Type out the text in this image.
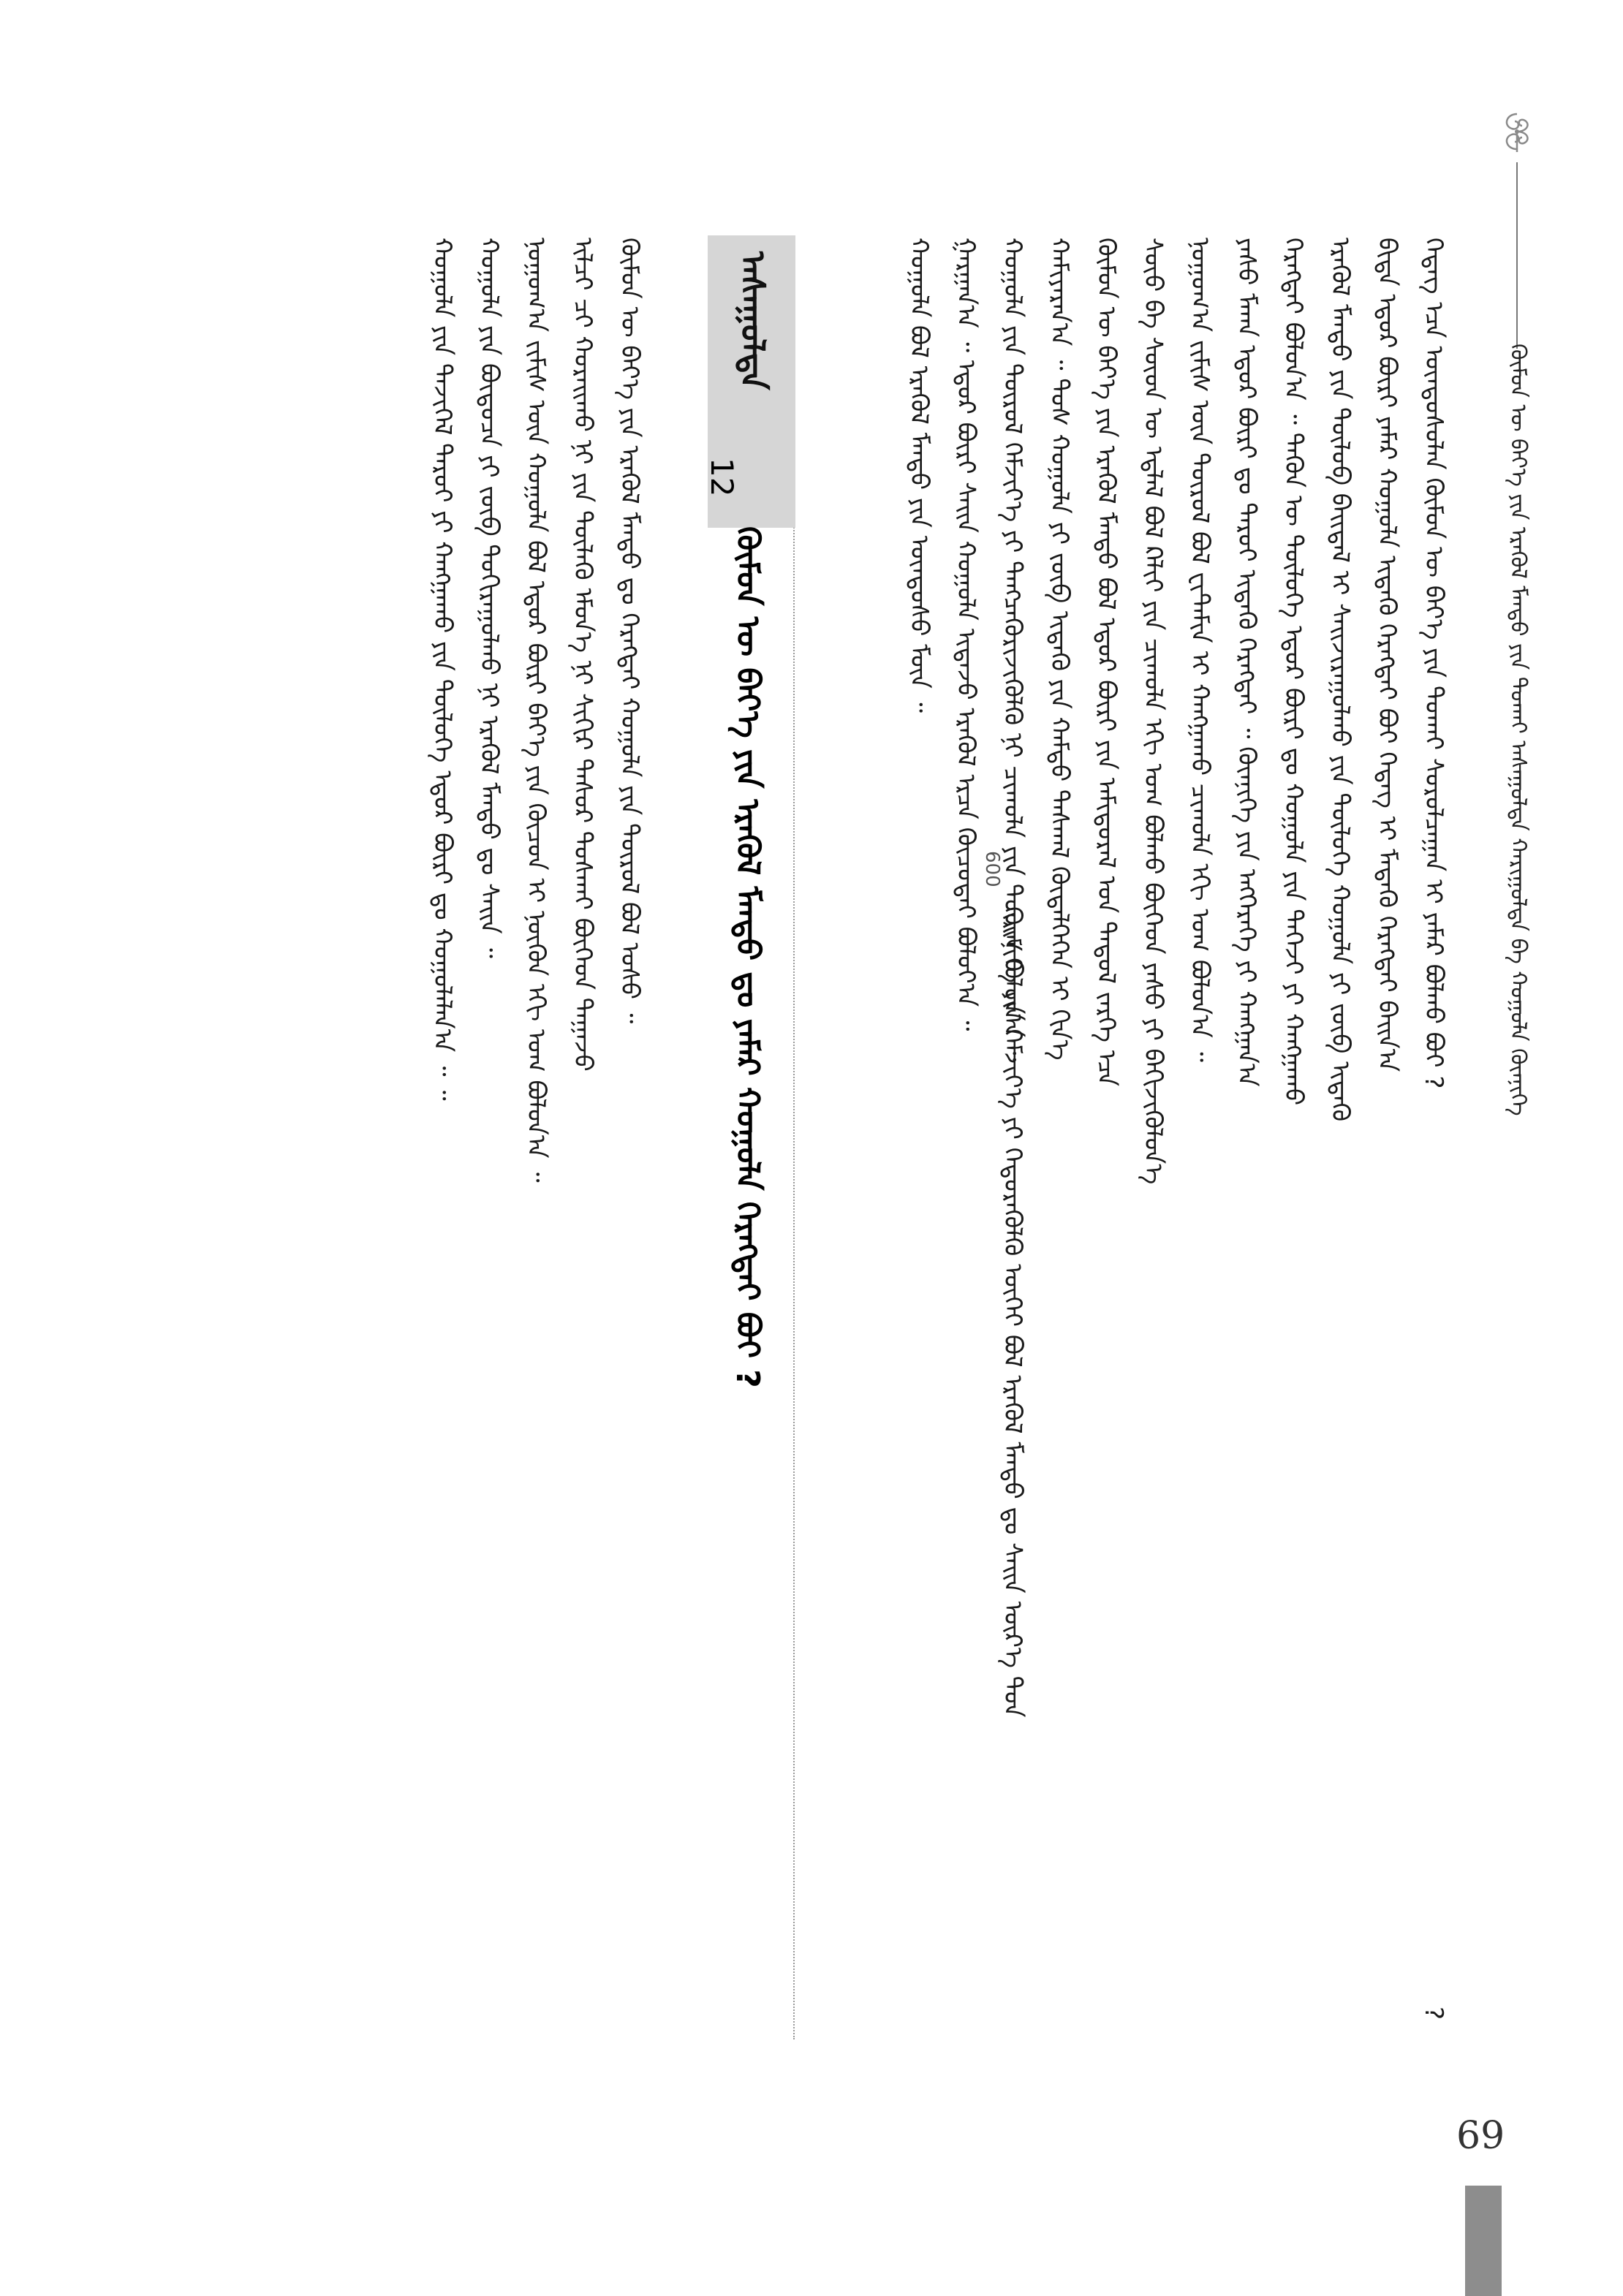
ᠬᠦᠮᠦᠨ ᠦ ᠪᠡᠶ᠎ᠡ ᠶᠢᠨ ᠡᠷᠡᠭᠦᠯ ᠮᠡᠨᠳᠦ ᠶᠢᠨ ᠲᠤᠬᠠᠢ ᠠᠰᠠᠭᠤᠯᠲᠠ ᠬᠠᠷᠢᠭᠤᠯᠲᠠ ᠪᠠ ᠬᠣᠭᠤᠯᠠ ᠬᠦᠨᠨᠢᠭᠡ
?
ᠭᠡᠳᠡᠭ ᠡᠴᠡ ᠦᠨᠳᠦᠰᠦᠯᠡᠨ ᠬᠦᠮᠦᠨ ᠦ ᠪᠡᠶ᠎ᠡ ᠶᠢᠨ ᠲᠤᠬᠠᠢ ᠰᠤᠷᠤᠯᠴᠠᠭᠠᠨ ᠢ ᠶᠠᠮᠠᠷ ᠪᠣᠯᠬᠤ ᠪᠣᠢ ?
ᠪᠢᠳᠡ ᠡᠳᠦᠷ ᠪᠦᠷᠢ ᠶᠠᠮᠠᠷ ᠬᠣᠭᠤᠯᠠ ᠢᠳᠡᠬᠦ ᠬᠡᠷᠡᠭᠲᠡᠢ ᠪᠣᠢ ᠭᠡᠳᠡᠭ ᠢ ᠮᠡᠳᠡᠬᠦ ᠬᠡᠷᠡᠭᠲᠡᠢ ᠪᠠᠢᠨ᠎ᠠ
ᠡᠷᠡᠭᠦᠯ ᠮᠡᠨᠳᠦ ᠶᠢᠨ ᠲᠥᠯᠦᠪ ᠪᠠᠢᠳᠠᠯ ᠢ ᠰᠠᠢᠵᠢᠷᠠᠭᠤᠯᠬᠤ ᠶᠢᠨ ᠲᠥᠯᠥᠭᠡ ᠬᠣᠭᠤᠯᠠ ᠶᠢ ᠵᠥᠪ ᠢᠳᠡᠬᠦ
ᠬᠡᠷᠡᠭᠲᠡᠢ ᠪᠣᠯᠤᠨ᠎ᠠ ᠃ ᠲᠡᠭᠦᠨ ᠦ ᠲᠥᠯᠥᠭᠡ ᠡᠳᠦᠷ ᠪᠦᠷᠢ ᠳᠤ ᠬᠣᠭᠤᠯᠠ ᠶᠢᠨ ᠳᠡᠭᠡᠵᠢ ᠶᠢ ᠬᠠᠩᠭᠠᠬᠤ
ᠶᠠᠰᠤ ᠮᠠᠬᠠ ᠡᠳᠦᠷ ᠪᠦᠷᠢ ᠳᠤ ᠳᠠᠷᠤᠢ ᠢᠳᠡᠬᠦ ᠬᠡᠷᠡᠭᠲᠡᠢ ᠃ ᠬᠦᠨᠨᠢᠭᠡ ᠶᠢᠨ ᠡᠩᠭᠡᠷᠡᠭᠡ ᠶᠢ ᠬᠠᠩᠭᠠᠨ᠎ᠠ
ᠨᠣᠭᠤᠭ᠎ᠠ ᠵᠢᠮᠢᠰ ᠦᠨ ᠲᠦᠷᠦᠯ ᠪᠣᠯ ᠸᠢᠲ᠋ᠠᠮᠢᠨ ᠢ ᠬᠠᠩᠭᠠᠬᠤ ᠴᠢᠬᠤᠯᠠ ᠡᠬᠢ ᠤᠭ ᠪᠣᠯᠤᠨ᠎ᠠ ᠃
ᠰᠦᠦ ᠪᠠ ᠰᠦᠦᠨ ᠦ ᠡᠳ᠋ᠯᠡᠯ ᠪᠣᠯ ᠺᠠᠯᠢᠢ ᠶᠢᠨ ᠴᠢᠬᠤᠯᠠ ᠡᠬᠢ ᠤᠭ ᠪᠣᠯᠬᠤ ᠪᠥᠭᠡᠳ ᠶᠠᠰᠤ ᠶᠢ ᠪᠡᠬᠢᠵᠢᠭᠦᠯᠦᠨ᠎ᠡ
ᠬᠦᠮᠦᠨ ᠦ ᠪᠡᠶ᠎ᠡ ᠶᠢᠨ ᠡᠷᠡᠭᠦᠯ ᠮᠡᠨᠳᠦ ᠪᠣᠯ ᠡᠳᠦᠷ ᠪᠦᠷᠢ ᠶᠢᠨ ᠠᠮᠢᠳᠤᠷᠠᠯ ᠤᠨ ᠳᠠᠳᠤᠯ ᠵᠡᠷᠭᠡ ᠡᠴᠡ
ᠬᠠᠮᠢᠶᠠᠷᠠᠨ᠎ᠠ ᠃ ᠲᠤᠰ ᠬᠣᠭᠤᠯᠠ ᠶᠢ ᠵᠥᠪ ᠢᠳᠡᠬᠦ ᠶᠢᠨ ᠬᠠᠮᠲᠤ ᠳᠠᠰᠭᠠᠯ ᠬᠥᠳᠡᠯᠭᠡᠭᠡᠨ ᠢ ᠬᠢᠨ᠎ᠡ
ᠬᠣᠭᠤᠯᠠ ᠶᠢᠨ ᠲᠦᠷᠦᠯ ᠬᠡᠮᠵᠢᠶ᠎ᠡ ᠶᠢ ᠲᠡᠩᠴᠡᠭᠦᠷᠢᠵᠢᠭᠦᠯᠬᠦ ᠨᠢ ᠴᠢᠬᠤᠯᠠ ᠶᠢᠨ ᠳᠦᠷᠢᠮ ᠪᠣᠯᠤᠨ᠎ᠠ ᠃
ᠬᠦᠨᠨᠢᠭᠡ ᠶᠢᠨ ᠬᠡᠮᠵᠢᠶ᠎ᠡ ᠶᠢ ᠬᠡᠲᠦᠷᠡᠭᠦᠯᠬᠦ ᠦᠭᠡᠢ ᠪᠣᠯ ᠡᠷᠡᠭᠦᠯ ᠮᠡᠨᠳᠦ ᠳᠤ ᠰᠠᠢᠨ ᠦᠷ᠎ᠡ ᠳᠤᠨ
ᠭᠠᠷᠭᠠᠨ᠎ᠠ ᠃ ᠡᠳᠦᠷ ᠪᠦᠷᠢ ᠰᠠᠢᠨ ᠬᠣᠭᠤᠯᠠ ᠢᠳᠡᠵᠦ ᠡᠷᠡᠭᠦᠯ ᠡᠷᠴᠡ ᠬᠦᠴᠦᠲᠡᠢ ᠪᠣᠯᠤᠶ᠎ᠠ ᠃
ᠬᠣᠭᠤᠯᠠ ᠪᠣᠯ ᠡᠷᠡᠭᠦᠯ ᠮᠡᠨᠳᠦ ᠶᠢᠨ ᠦᠨᠳᠦᠰᠦ ᠮᠥᠨ ᠃
600
ᠠᠰᠠᠭᠤᠯᠲᠠ
12
ᠬᠦᠮᠦᠨ ᠦ ᠪᠡᠶ᠎ᠡ ᠶᠢᠨ ᠡᠷᠡᠭᠦᠯ ᠮᠡᠨᠳᠦ ᠳᠤ ᠶᠠᠮᠠᠷ ᠬᠣᠭᠤᠯᠠ ᠬᠡᠷᠡᠭᠲᠡᠢ ᠪᠣᠢ ?
ᠬᠦᠮᠦᠨ ᠦ ᠪᠡᠶ᠎ᠡ ᠶᠢᠨ ᠡᠷᠡᠭᠦᠯ ᠮᠡᠨᠳᠦ ᠳᠤ ᠬᠡᠷᠡᠭᠲᠡᠢ ᠬᠣᠭᠤᠯᠠ ᠶᠢᠨ ᠲᠦᠷᠦᠯ ᠪᠣᠯ ᠤᠰᠤ ᠃
ᠢᠯᠴᠢ ᠴᠢ ᠬᠤᠷᠠᠢᠬᠤ ᠨᠢ ᠶᠢᠨ ᠲᠦᠯᠡᠬᠦ ᠡᠮᠦᠨ᠎ᠡ ᠨᠢ ᠰᠢᠬᠢᠷ ᠲᠠᠰᠤᠷ ᠲᠤᠰᠬᠠᠢ ᠪᠥᠭᠡᠳ ᠳᠠᠭᠠᠵᠤ
ᠨᠣᠭᠤᠭ᠎ᠠ ᠵᠢᠮᠢᠰ ᠦᠨ ᠬᠣᠭᠤᠯᠠ ᠪᠣᠯ ᠡᠳᠦᠷ ᠪᠦᠷᠢ ᠪᠡᠶ᠎ᠡ ᠶᠢᠨ ᠬᠦᠴᠦᠨ ᠢ ᠨᠥᠬᠦᠨ ᠡᠬᠢ ᠤᠭ ᠪᠣᠯᠤᠨ᠎ᠠ ᠃
ᠬᠣᠭᠤᠯᠠ ᠶᠢᠨ ᠪᠦᠲᠦᠴᠡ ᠶᠢ ᠵᠥᠪ ᠲᠣᠬᠢᠷᠠᠭᠤᠯᠬᠤ ᠨᠢ ᠡᠷᠡᠭᠦᠯ ᠮᠡᠨᠳᠦ ᠳᠤ ᠰᠠᠢᠨ ᠃
ᠬᠣᠭᠤᠯᠠ ᠶᠢᠨ ᠲᠡᠵᠢᠭᠡᠯ ᠳᠠᠷᠤᠢ ᠶᠢ ᠬᠠᠩᠭᠠᠬᠤ ᠶᠢᠨ ᠲᠥᠯᠥᠭᠡ ᠡᠳᠦᠷ ᠪᠦᠷᠢ ᠳᠤ ᠬᠣᠭᠤᠯᠠᠯᠠᠨ᠎ᠠ ᠃ ᠃
69
